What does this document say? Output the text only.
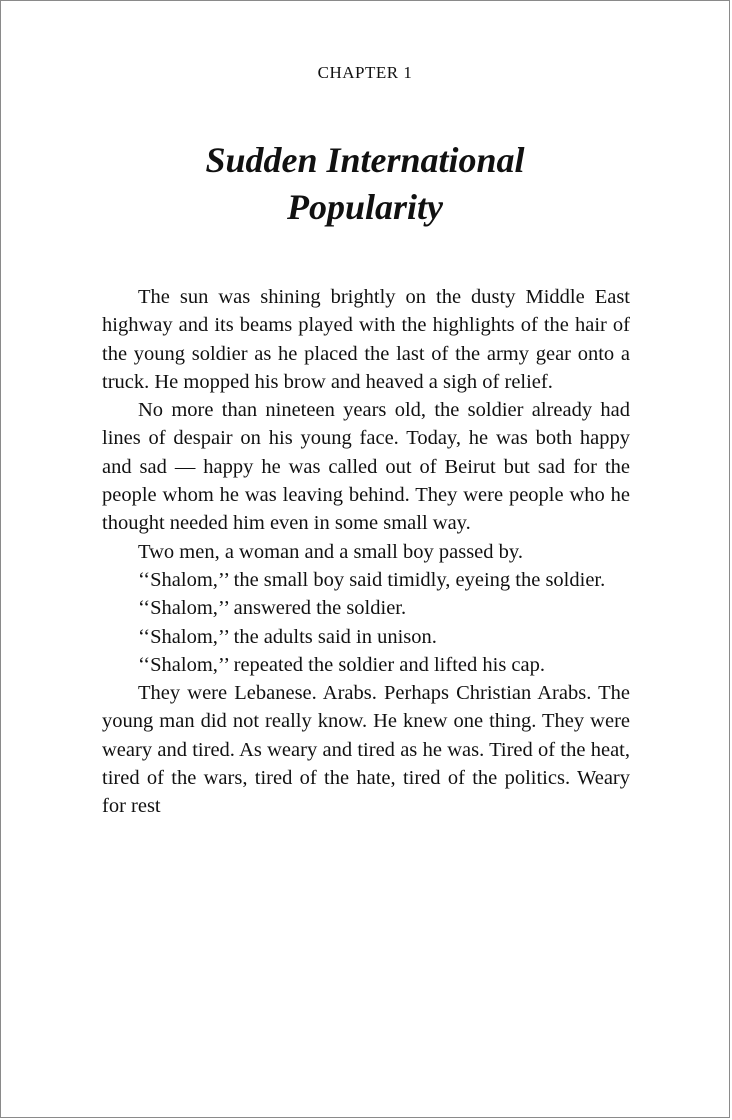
CHAPTER 1
Sudden International
Popularity

The sun was shining brightly on the dusty Middle East highway and its beams played with the highlights of the hair of the young soldier as he placed the last of the army gear onto a truck. He mopped his brow and heaved a sigh of relief.

No more than nineteen years old, the soldier already had lines of despair on his young face. Today, he was both happy and sad — happy he was called out of Beirut but sad for the people whom he was leaving behind. They were people who he thought needed him even in some small way.

Two men, a woman and a small boy passed by.

‘‘Shalom,’’ the small boy said timidly, eyeing the soldier.

‘‘Shalom,’’ answered the soldier.

‘‘Shalom,’’ the adults said in unison.

‘‘Shalom,’’ repeated the soldier and lifted his cap.

They were Lebanese. Arabs. Perhaps Christian Arabs. The young man did not really know. He knew one thing. They were weary and tired. As weary and tired as he was. Tired of the heat, tired of the wars, tired of the hate, tired of the politics. Weary for rest
